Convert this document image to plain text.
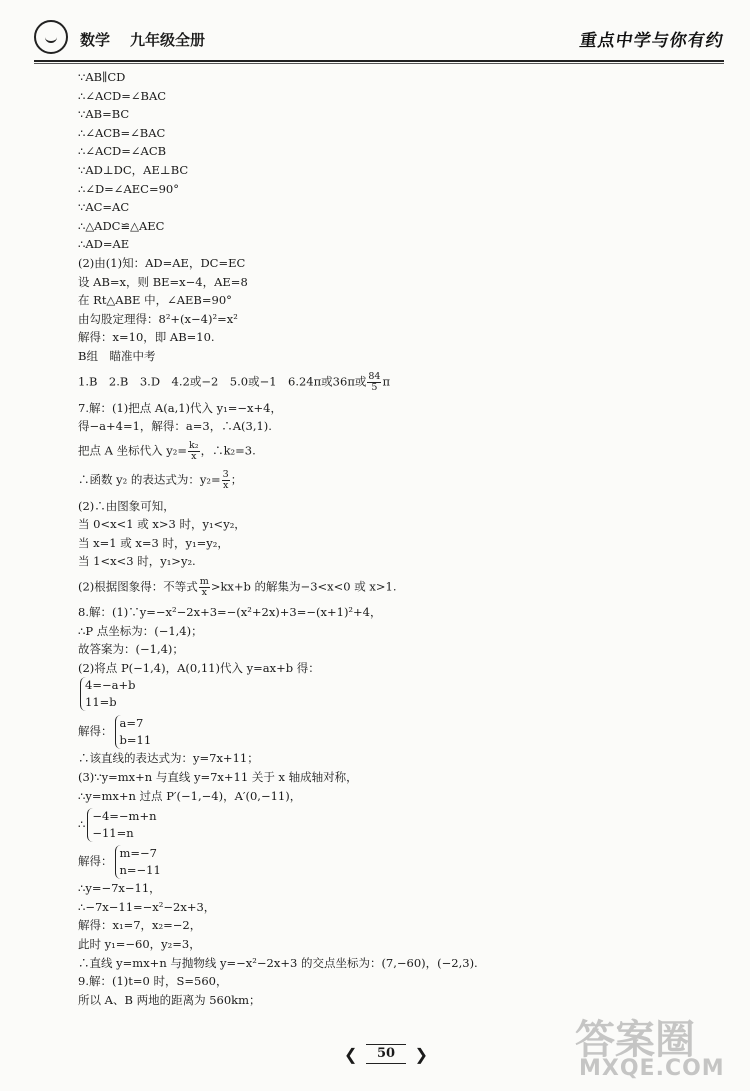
数学 九年级全册	重点中学与你有约
∵AB∥CD
∴∠ACD=∠BAC
∵AB=BC
∴∠ACB=∠BAC
∴∠ACD=∠ACB
∵AD⊥DC，AE⊥BC
∴∠D=∠AEC=90°
∵AC=AC
∴△ADC≌△AEC
∴AD=AE
(2)由(1)知：AD=AE，DC=EC
设 AB=x，则 BE=x−4，AE=8
在 Rt△ABE 中，∠AEB=90°
由勾股定理得：8²+(x−4)²=x²
解得：x=10，即 AB=10.
B组　瞄准中考
1.B　2.B　3.D　4.2或−2　5.0或−1　6.24π或36π或 $\frac{84}{5}$ π
7.解：(1)把点 A(a,1)代入 y₁=−x+4，
得−a+4=1，解得：a=3，∴A(3,1).
把点 A 坐标代入 $y_2= \frac{\text{k₂}}{x}$ ，∴k₂=3.
∴函数 y₂ 的表达式为：$y_2= \frac{3}{x}$ ；
(2)∴由图象可知，
当 0<x<1 或 x>3 时，y₁<y₂，
当 x=1 或 x=3 时，y₁=y₂，
当 1<x<3 时，y₁>y₂.
(2)根据图象得：不等式 $\frac{m}{x} >kx+b$ 的解集为−3<x<0 或 x>1.
8.解：(1)∵y=−x²−2x+3=−(x²+2x)+3=−(x+1)²+4，
∴P 点坐标为：(−1,4)；
故答案为：(−1,4)；
(2)将点 P(−1,4)，A(0,11)代入 y=ax+b 得：
4=−a+b
11=b
解得：
a=7
b=11
∴该直线的表达式为：y=7x+11；
(3)∵y=mx+n 与直线 y=7x+11 关于 x 轴成轴对称，
∴y=mx+n 过点 P′(−1,−4)，A′(0,−11)，
∴
−4=−m+n
−11=n
解得：
m=−7
n=−11
∴y=−7x−11，
∴−7x−11=−x²−2x+3，
解得：x₁=7，x₂=−2，
此时 y₁=−60，y₂=3，
∴直线 y=mx+n 与抛物线 y=−x²−2x+3 的交点坐标为：(7,−60)，(−2,3).
9.解：(1)t=0 时，S=560，
所以 A、B 两地的距离为 560km；
❮	50	❯	答案圈
MXQE.COM
